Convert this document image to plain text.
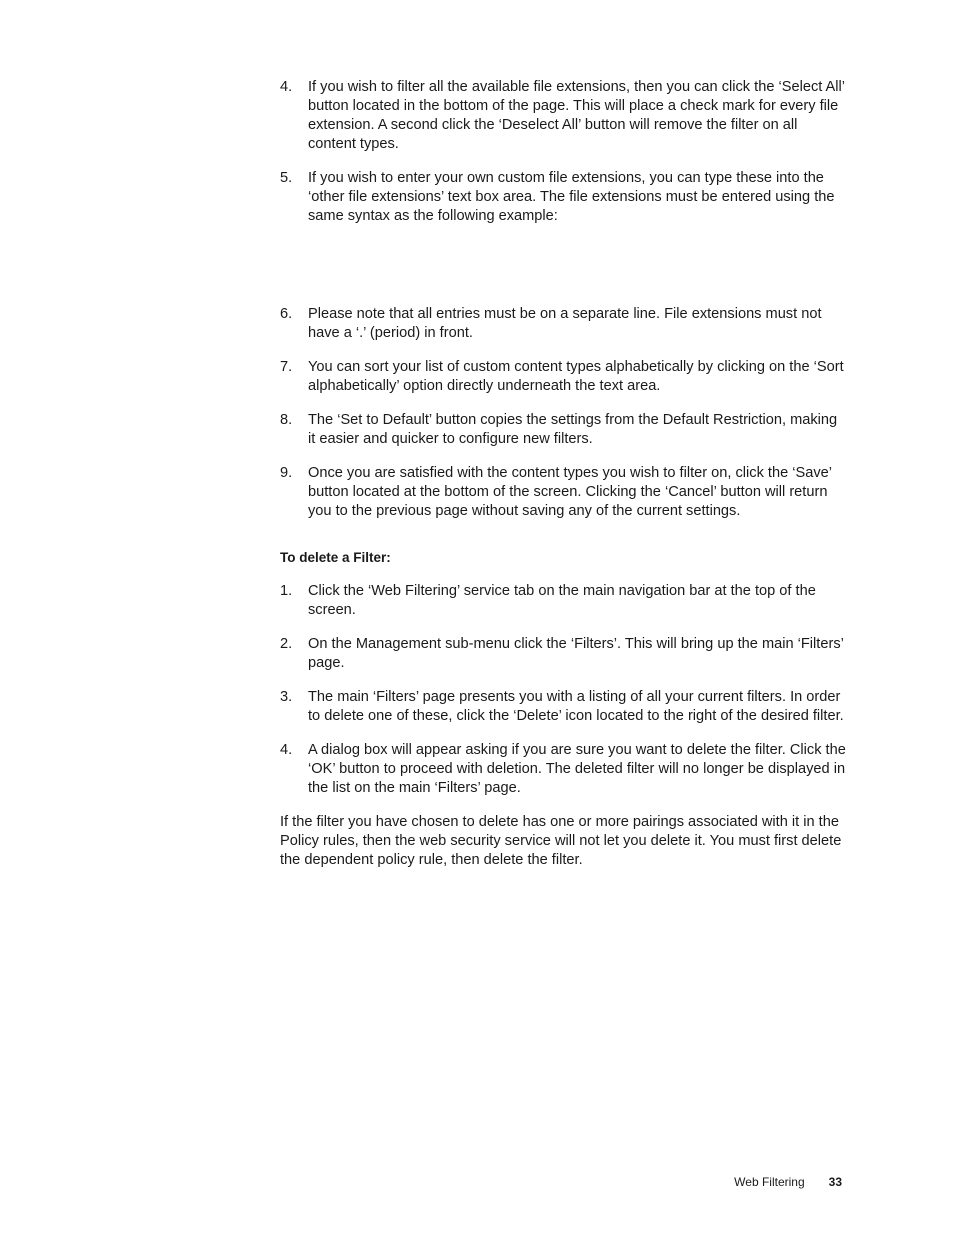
4. If you wish to filter all the available file extensions, then you can click the ‘Select All’ button located in the bottom of the page. This will place a check mark for every file extension. A second click the ‘Deselect All’ button will remove the filter on all content types.
5. If you wish to enter your own custom file extensions, you can type these into the ‘other file extensions’ text box area. The file extensions must be entered using the same syntax as the following example:
6. Please note that all entries must be on a separate line. File extensions must not have a ‘.’ (period) in front.
7. You can sort your list of custom content types alphabetically by clicking on the ‘Sort alphabetically’ option directly underneath the text area.
8. The ‘Set to Default’ button copies the settings from the Default Restriction, making it easier and quicker to configure new filters.
9. Once you are satisfied with the content types you wish to filter on, click the ‘Save’ button located at the bottom of the screen. Clicking the ‘Cancel’ button will return you to the previous page without saving any of the current settings.
To delete a Filter:
1. Click the ‘Web Filtering’ service tab on the main navigation bar at the top of the screen.
2. On the Management sub-menu click the ‘Filters’. This will bring up the main ‘Filters’ page.
3. The main ‘Filters’ page presents you with a listing of all your current filters. In order to delete one of these, click the ‘Delete’ icon located to the right of the desired filter.
4. A dialog box will appear asking if you are sure you want to delete the filter. Click the ‘OK’ button to proceed with deletion. The deleted filter will no longer be displayed in the list on the main ‘Filters’ page.

If the filter you have chosen to delete has one or more pairings associated with it in the Policy rules, then the web security service will not let you delete it. You must first delete the dependent policy rule, then delete the filter.

Web Filtering 33
